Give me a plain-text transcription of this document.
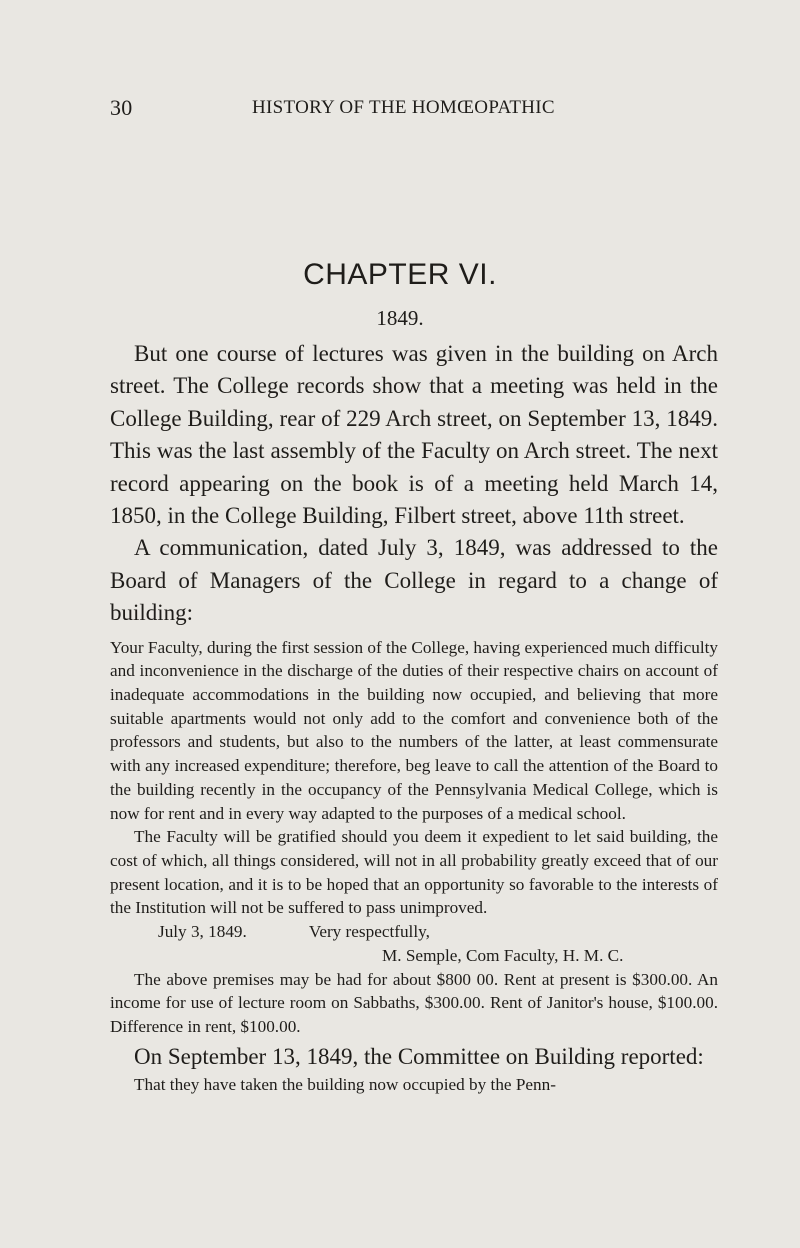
30	HISTORY OF THE HOMŒOPATHIC
CHAPTER VI.
1849.

But one course of lectures was given in the building on Arch street. The College records show that a meeting was held in the College Building, rear of 229 Arch street, on September 13, 1849. This was the last assembly of the Faculty on Arch street. The next record appearing on the book is of a meeting held March 14, 1850, in the College Building, Filbert street, above 11th street.

A communication, dated July 3, 1849, was addressed to the Board of Managers of the College in regard to a change of building:

Your Faculty, during the first session of the College, having experienced much difficulty and inconvenience in the discharge of the duties of their respective chairs on account of inadequate accommodations in the building now occupied, and believing that more suitable apartments would not only add to the comfort and convenience both of the professors and students, but also to the numbers of the latter, at least commensurate with any increased expenditure; therefore, beg leave to call the attention of the Board to the building recently in the occupancy of the Pennsylvania Medical College, which is now for rent and in every way adapted to the purposes of a medical school.

The Faculty will be gratified should you deem it expedient to let said building, the cost of which, all things considered, will not in all probability greatly exceed that of our present location, and it is to be hoped that an opportunity so favorable to the interests of the Institution will not be suffered to pass unimproved.

July 3, 1849.	Very respectfully,

M. Semple, Com Faculty, H. M. C.

The above premises may be had for about $800 00. Rent at present is $300.00. An income for use of lecture room on Sabbaths, $300.00. Rent of Janitor's house, $100.00. Difference in rent, $100.00.

On September 13, 1849, the Committee on Building reported:

That they have taken the building now occupied by the Penn-
